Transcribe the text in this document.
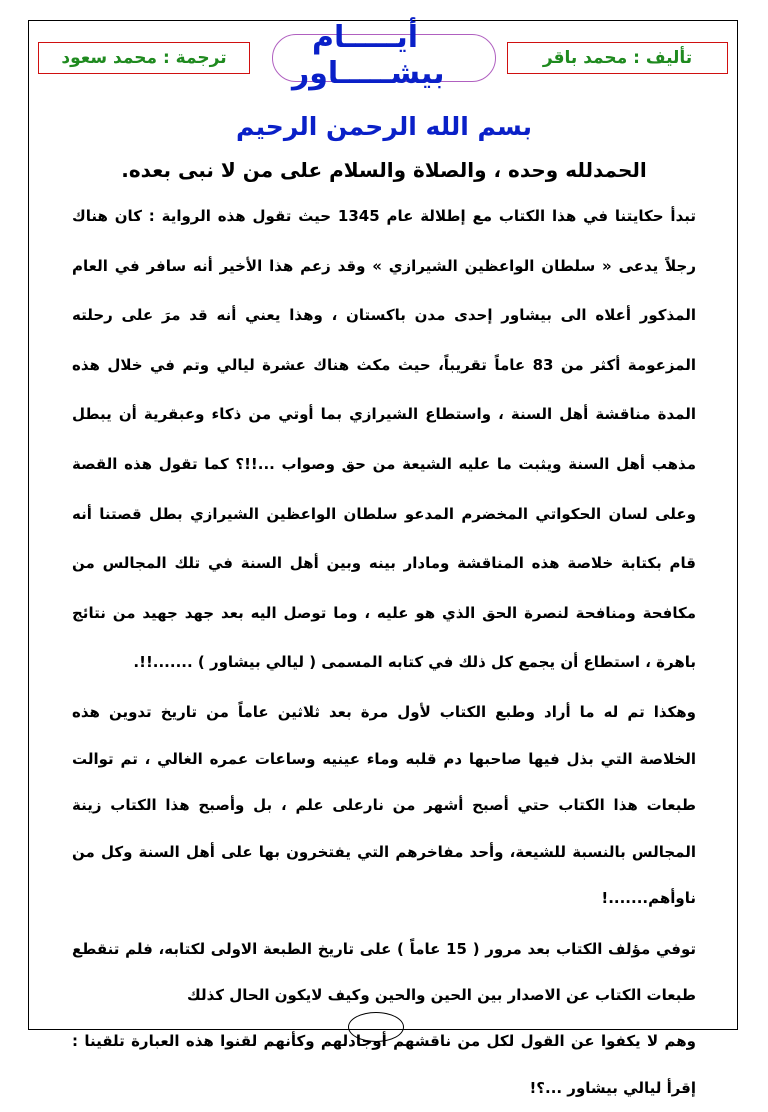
تأليف : محمد باقر
أيـــــام
بيشـــــاور
ترجمة : محمد سعود
بسم الله الرحمن الرحيم
الحمدلله وحده ، والصلاة والسلام على من لا نبى بعده.

تبدأ حكايتنا في هذا الكتاب مع إطلالة عام 1345 حيث تقول هذه الرواية : كان هناك رجلاً يدعى « سلطان الواعظين الشيرازي » وقد زعم هذا الأخير أنه سافر في العام المذكور أعلاه الى بيشاور إحدى مدن باكستان ، وهذا يعني أنه قد مرَ على رحلته المزعومة أكثر من 83 عاماً تقريباً، حيث مكث هناك عشرة ليالي وتم في خلال هذه المدة مناقشة أهل السنة ، واستطاع الشيرازي بما أوتي من ذكاء وعبقرية أن يبطل مذهب أهل السنة ويثبت ما عليه الشيعة من حق وصواب ...!!؟ كما تقول هذه القصة وعلى لسان الحكواتي المخضرم المدعو سلطان الواعظين الشيرازي بطل قصتنا أنه قام بكتابة خلاصة هذه المناقشة ومادار بينه وبين أهل السنة في تلك المجالس من مكافحة ومنافحة لنصرة الحق الذي هو عليه ، وما توصل اليه بعد جهد جهيد من نتائج باهرة ، استطاع أن يجمع كل ذلك في كتابه المسمى ( ليالي بيشاور ) .......!!.

وهكذا تم له ما أراد وطبع الكتاب لأول مرة بعد ثلاثين عاماً من تاريخ تدوين هذه الخلاصة التي بذل فيها صاحبها دم قلبه وماء عينيه وساعات عمره الغالي ، تم توالت طبعات هذا الكتاب حتي أصبح أشهر من نارعلى علم ، بل وأصبح هذا الكتاب زينة المجالس بالنسبة للشيعة، وأحد مفاخرهم التي يفتخرون بها على أهل السنة وكل من ناوأهم.......!

توفي مؤلف الكتاب بعد مرور ( 15 عاماً ) على تاريخ الطبعة الاولى لكتابه، فلم تنقطع طبعات الكتاب عن الاصدار بين الحين والحين وكيف لايكون الحال كذلك

وهم لا يكفوا عن القول لكل من ناقشهم أوجادلهم وكأنهم لقنوا هذه العبارة تلقينا : إقرأ ليالي بيشاور ...؟!
